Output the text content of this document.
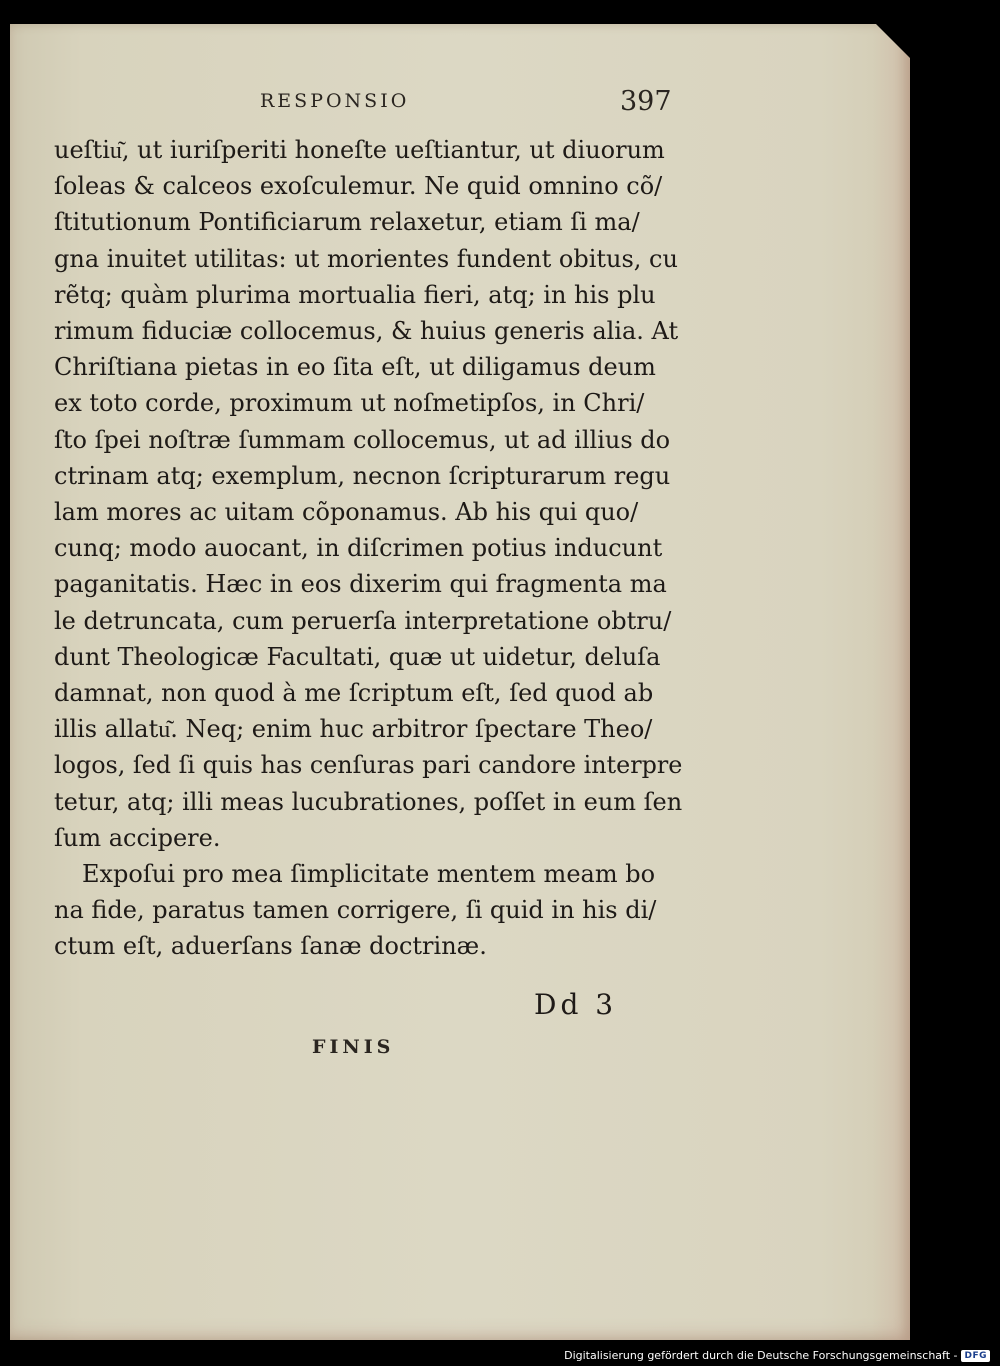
RESPONSIO	397
ueſtiu͂, ut iuriſperiti honeſte ueſtiantur, ut diuorum
ſoleas & calceos exoſculemur. Ne quid omnino cõ/
ſtitutionum Pontificiarum relaxetur, etiam ſi ma/
gna inuitet utilitas: ut morientes fundent obitus, cu
rẽtq; quàm plurima mortualia fieri, atq; in his plu
rimum fiduciæ collocemus, & huius generis alia. At
Chriſtiana pietas in eo ſita eſt, ut diligamus deum
ex toto corde, proximum ut noſmetipſos, in Chri/
ſto ſpei noſtræ ſummam collocemus, ut ad illius do
ctrinam atq; exemplum, necnon ſcripturarum regu
lam mores ac uitam cõponamus. Ab his qui quo/
cunq; modo auocant, in diſcrimen potius inducunt
paganitatis. Hæc in eos dixerim qui fragmenta ma
le detruncata, cum peruerſa interpretatione obtru/
dunt Theologicæ Facultati, quæ ut uidetur, deluſa
damnat, non quod à me ſcriptum eſt, ſed quod ab
illis allatu͂. Neq; enim huc arbitror ſpectare Theo/
logos, ſed ſi quis has cenſuras pari candore interpre
tetur, atq; illi meas lucubrationes, poſſet in eum ſen
ſum accipere.
Expoſui pro mea ſimplicitate mentem meam bo
na fide, paratus tamen corrigere, ſi quid in his di/
ctum eſt, aduerſans ſanæ doctrinæ.
Dd 3
FINIS
Digitalisierung gefördert durch die Deutsche Forschungsgemeinschaft - DFG
